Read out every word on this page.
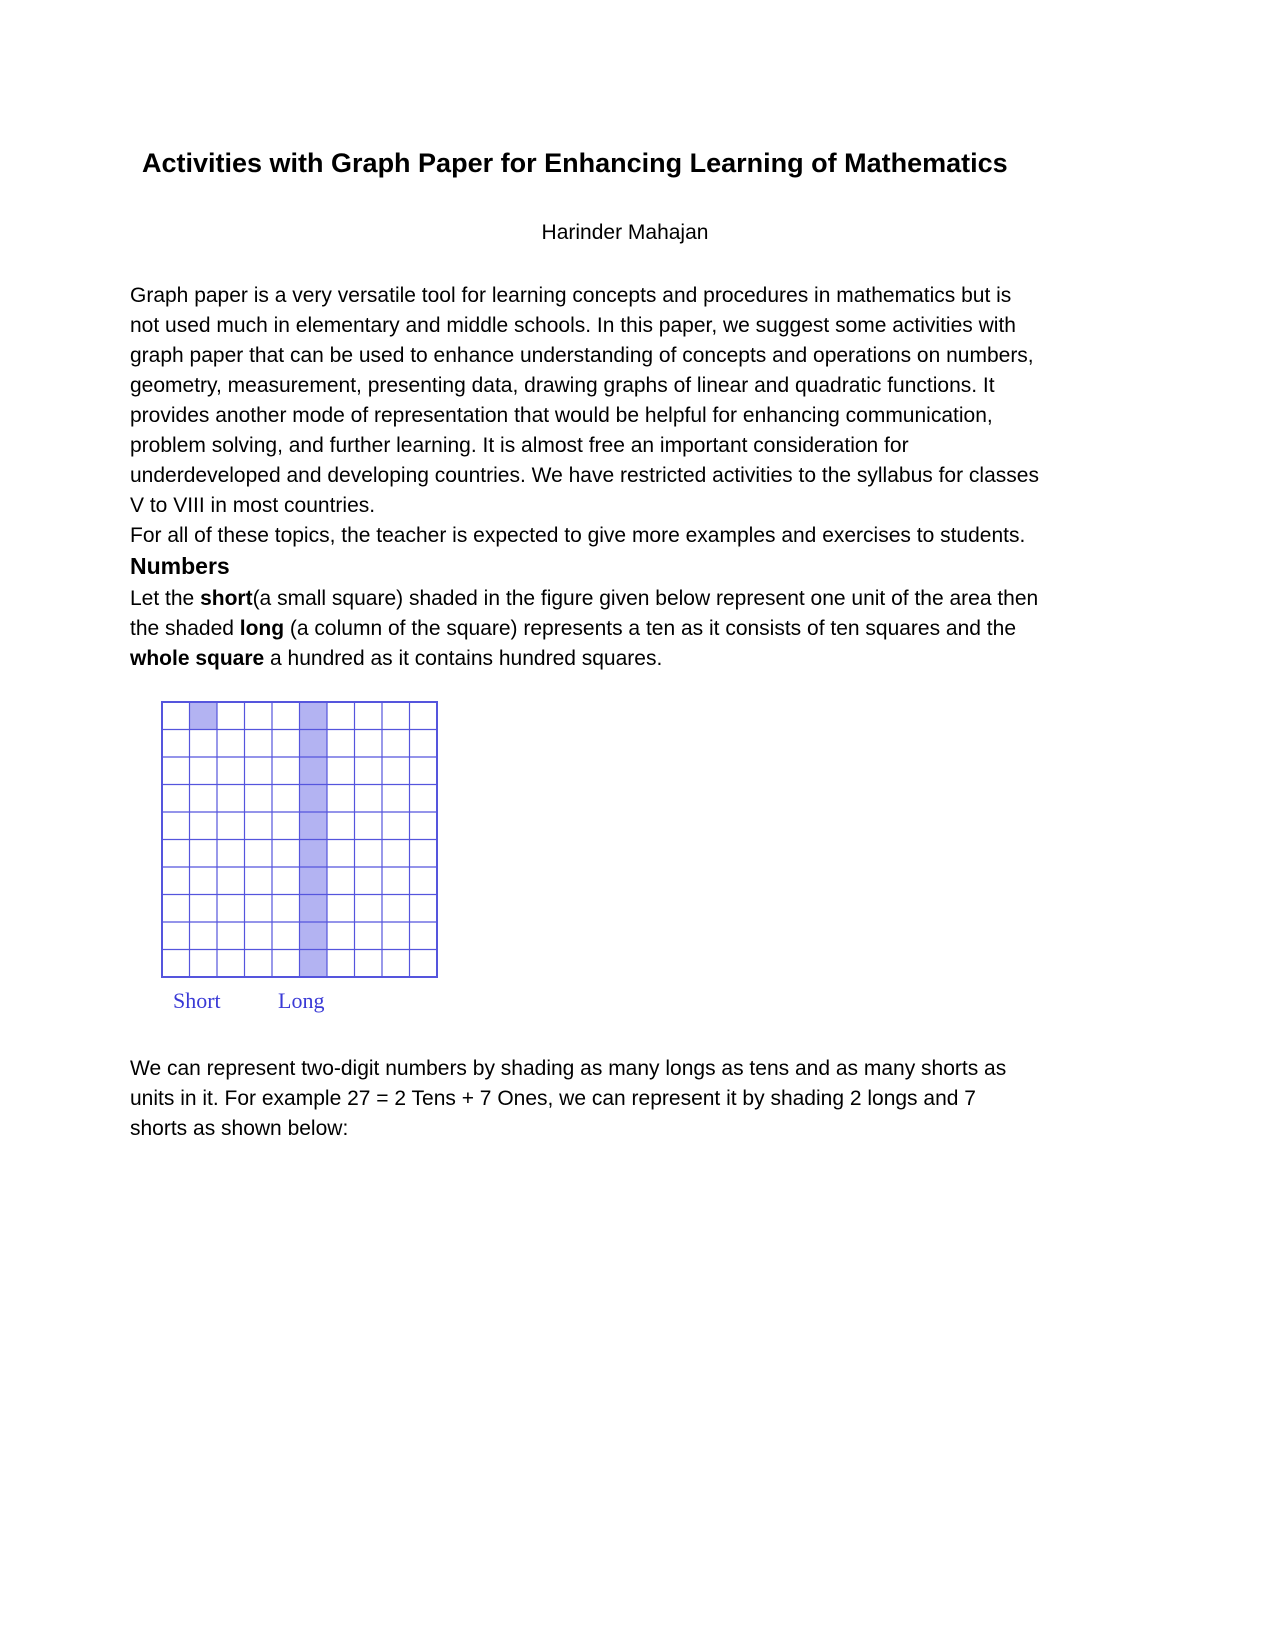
Activities with Graph Paper for Enhancing Learning of Mathematics
Harinder Mahajan
Graph paper is a very versatile tool for learning concepts and procedures in mathematics but is
not used much in elementary and middle schools. In this paper, we suggest some activities with
graph paper that can be used to enhance understanding of concepts and operations on numbers,
geometry, measurement, presenting data, drawing graphs of linear and quadratic functions. It
provides another mode of representation that would be helpful for enhancing communication,
problem solving, and further learning. It is almost free an important consideration for
underdeveloped and developing countries. We have restricted activities to the syllabus for classes
V to VIII in most countries.
For all of these topics, the teacher is expected to give more examples and exercises to students.
Numbers
Let the short(a small square) shaded in the figure given below represent one unit of the area then
the shaded long (a column of the square) represents a ten as it consists of ten squares and the
whole square a hundred as it contains hundred squares.
Short	Long
We can represent two-digit numbers by shading as many longs as tens and as many shorts as
units in it. For example 27 = 2 Tens + 7 Ones, we can represent it by shading 2 longs and 7
shorts as shown below:
